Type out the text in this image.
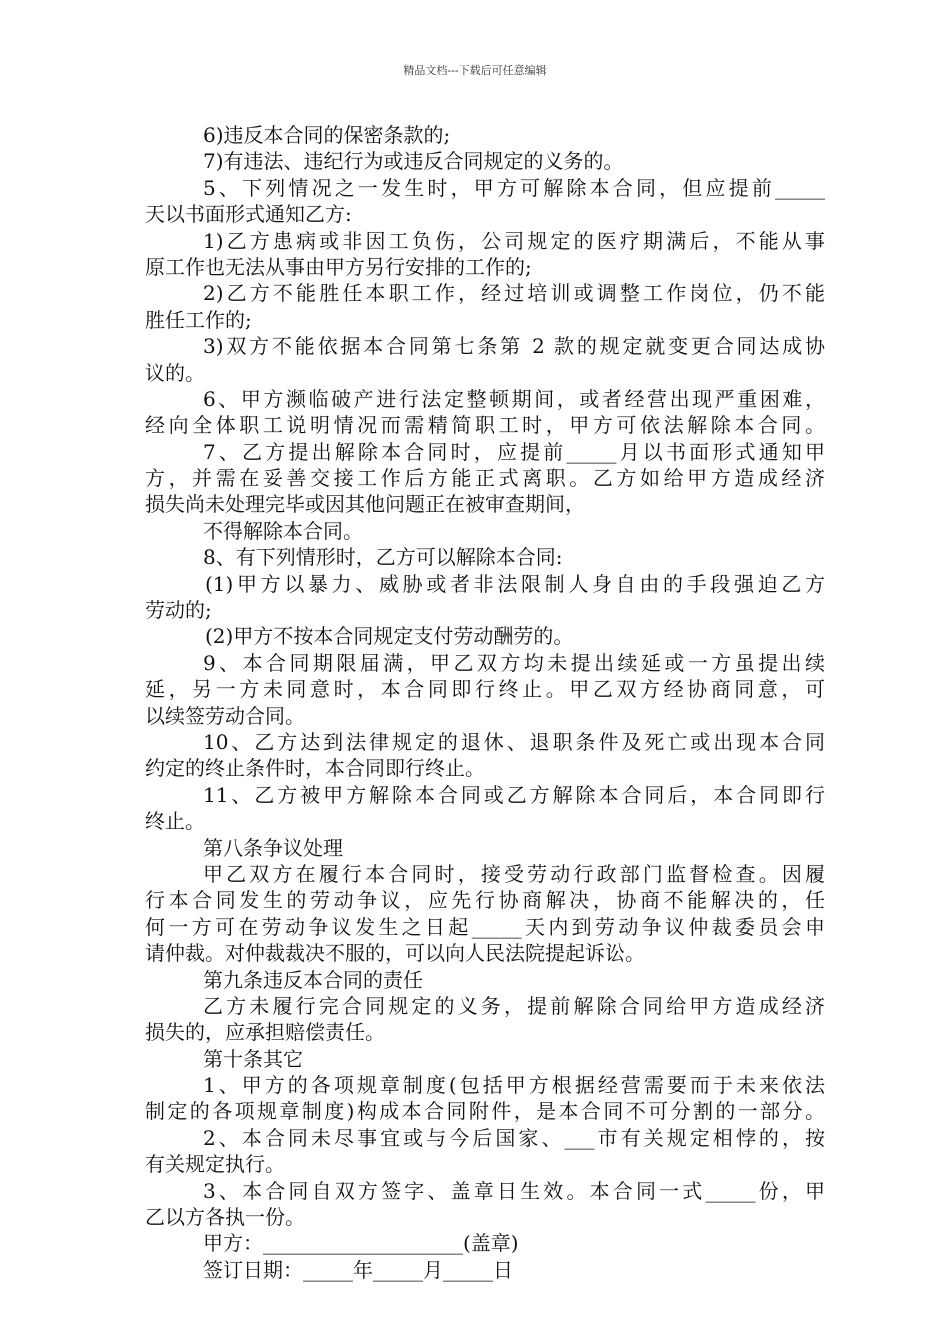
精品文档---下载后可任意编辑
6)违反本合同的保密条款的;
7)有违法、违纪行为或违反合同规定的义务的。
5、下列情况之一发生时，甲方可解除本合同，但应提前_____
天以书面形式通知乙方:
1)乙方患病或非因工负伤，公司规定的医疗期满后，不能从事
原工作也无法从事由甲方另行安排的工作的;
2)乙方不能胜任本职工作，经过培训或调整工作岗位，仍不能
胜任工作的;
3)双方不能依据本合同第七条第 2 款的规定就变更合同达成协
议的。
6、甲方濒临破产进行法定整顿期间，或者经营出现严重困难，
经向全体职工说明情况而需精简职工时，甲方可依法解除本合同。
7、乙方提出解除本合同时，应提前_____月以书面形式通知甲
方，并需在妥善交接工作后方能正式离职。乙方如给甲方造成经济
损失尚未处理完毕或因其他问题正在被审查期间，
不得解除本合同。
8、有下列情形时，乙方可以解除本合同:
(1)甲方以暴力、威胁或者非法限制人身自由的手段强迫乙方
劳动的;
(2)甲方不按本合同规定支付劳动酬劳的。
9、本合同期限届满，甲乙双方均未提出续延或一方虽提出续
延，另一方未同意时，本合同即行终止。甲乙双方经协商同意，可
以续签劳动合同。
10、乙方达到法律规定的退休、退职条件及死亡或出现本合同
约定的终止条件时，本合同即行终止。
11、乙方被甲方解除本合同或乙方解除本合同后，本合同即行
终止。
第八条争议处理
甲乙双方在履行本合同时，接受劳动行政部门监督检查。因履
行本合同发生的劳动争议，应先行协商解决，协商不能解决的，任
何一方可在劳动争议发生之日起_____天内到劳动争议仲裁委员会申
请仲裁。对仲裁裁决不服的，可以向人民法院提起诉讼。
第九条违反本合同的责任
乙方未履行完合同规定的义务，提前解除合同给甲方造成经济
损失的，应承担赔偿责任。
第十条其它
1、甲方的各项规章制度(包括甲方根据经营需要而于未来依法
制定的各项规章制度)构成本合同附件，是本合同不可分割的一部分。
2、本合同未尽事宜或与今后国家、___市有关规定相悖的，按
有关规定执行。
3、本合同自双方签字、盖章日生效。本合同一式_____份，甲
乙以方各执一份。
甲方：____________________(盖章)
签订日期：_____年_____月_____日
